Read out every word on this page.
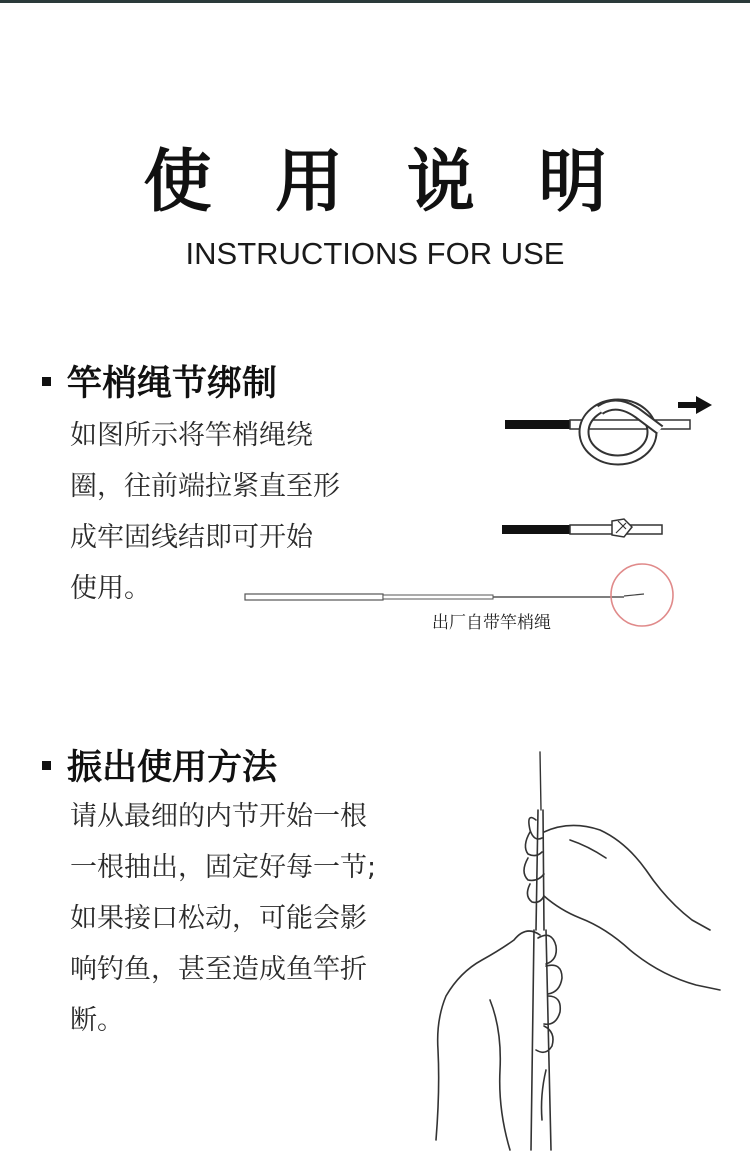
使 用 说 明
INSTRUCTIONS FOR USE
竿梢绳节绑制
如图所示将竿梢绳绕
圈，往前端拉紧直至形
成牢固线结即可开始
使用。
出厂自带竿梢绳
振出使用方法
请从最细的内节开始一根
一根抽出，固定好每一节;
如果接口松动，可能会影
响钓鱼，甚至造成鱼竿折
断。
